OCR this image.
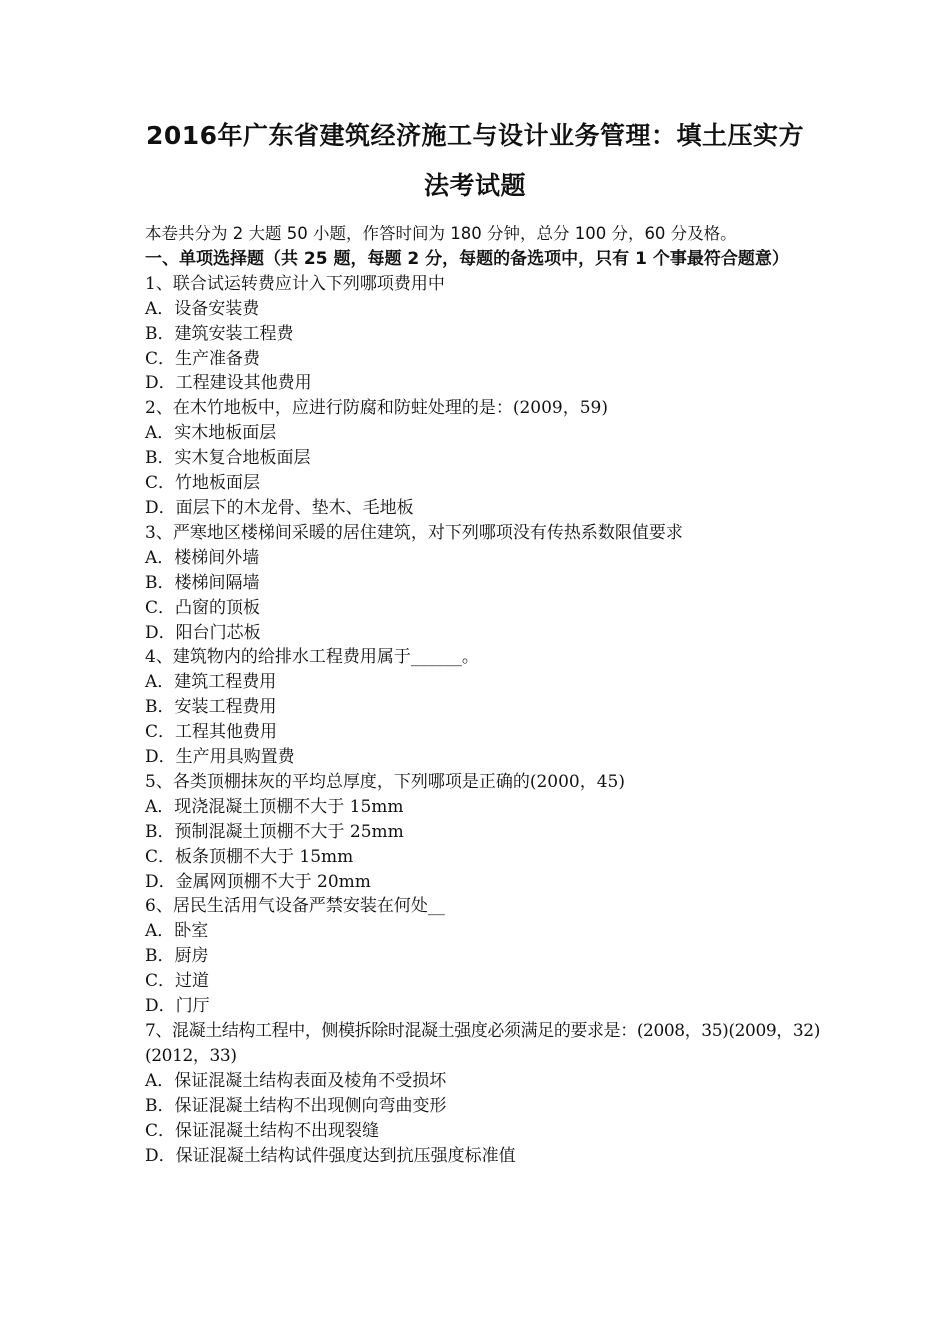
2016年广东省建筑经济施工与设计业务管理：填土压实方
法考试题
本卷共分为 2 大题 50 小题，作答时间为 180 分钟，总分 100 分，60 分及格。
一、单项选择题（共 25 题，每题 2 分，每题的备选项中，只有 1 个事最符合题意）
1、联合试运转费应计入下列哪项费用中
A．设备安装费
B．建筑安装工程费
C．生产准备费
D．工程建设其他费用
2、在木竹地板中，应进行防腐和防蛀处理的是：(2009，59)
A．实木地板面层
B．实木复合地板面层
C．竹地板面层
D．面层下的木龙骨、垫木、毛地板
3、严寒地区楼梯间采暖的居住建筑，对下列哪项没有传热系数限值要求
A．楼梯间外墙
B．楼梯间隔墙
C．凸窗的顶板
D．阳台门芯板
4、建筑物内的给排水工程费用属于______。
A．建筑工程费用
B．安装工程费用
C．工程其他费用
D．生产用具购置费
5、各类顶棚抹灰的平均总厚度，下列哪项是正确的(2000，45)
A．现浇混凝土顶棚不大于 15mm
B．预制混凝土顶棚不大于 25mm
C．板条顶棚不大于 15mm
D．金属网顶棚不大于 20mm
6、居民生活用气设备严禁安装在何处__
A．卧室
B．厨房
C．过道
D．门厅
7、混凝土结构工程中，侧模拆除时混凝土强度必须满足的要求是：(2008，35)(2009，32)(2012，33)
A．保证混凝土结构表面及棱角不受损坏
B．保证混凝土结构不出现侧向弯曲变形
C．保证混凝土结构不出现裂缝
D．保证混凝土结构试件强度达到抗压强度标准值
